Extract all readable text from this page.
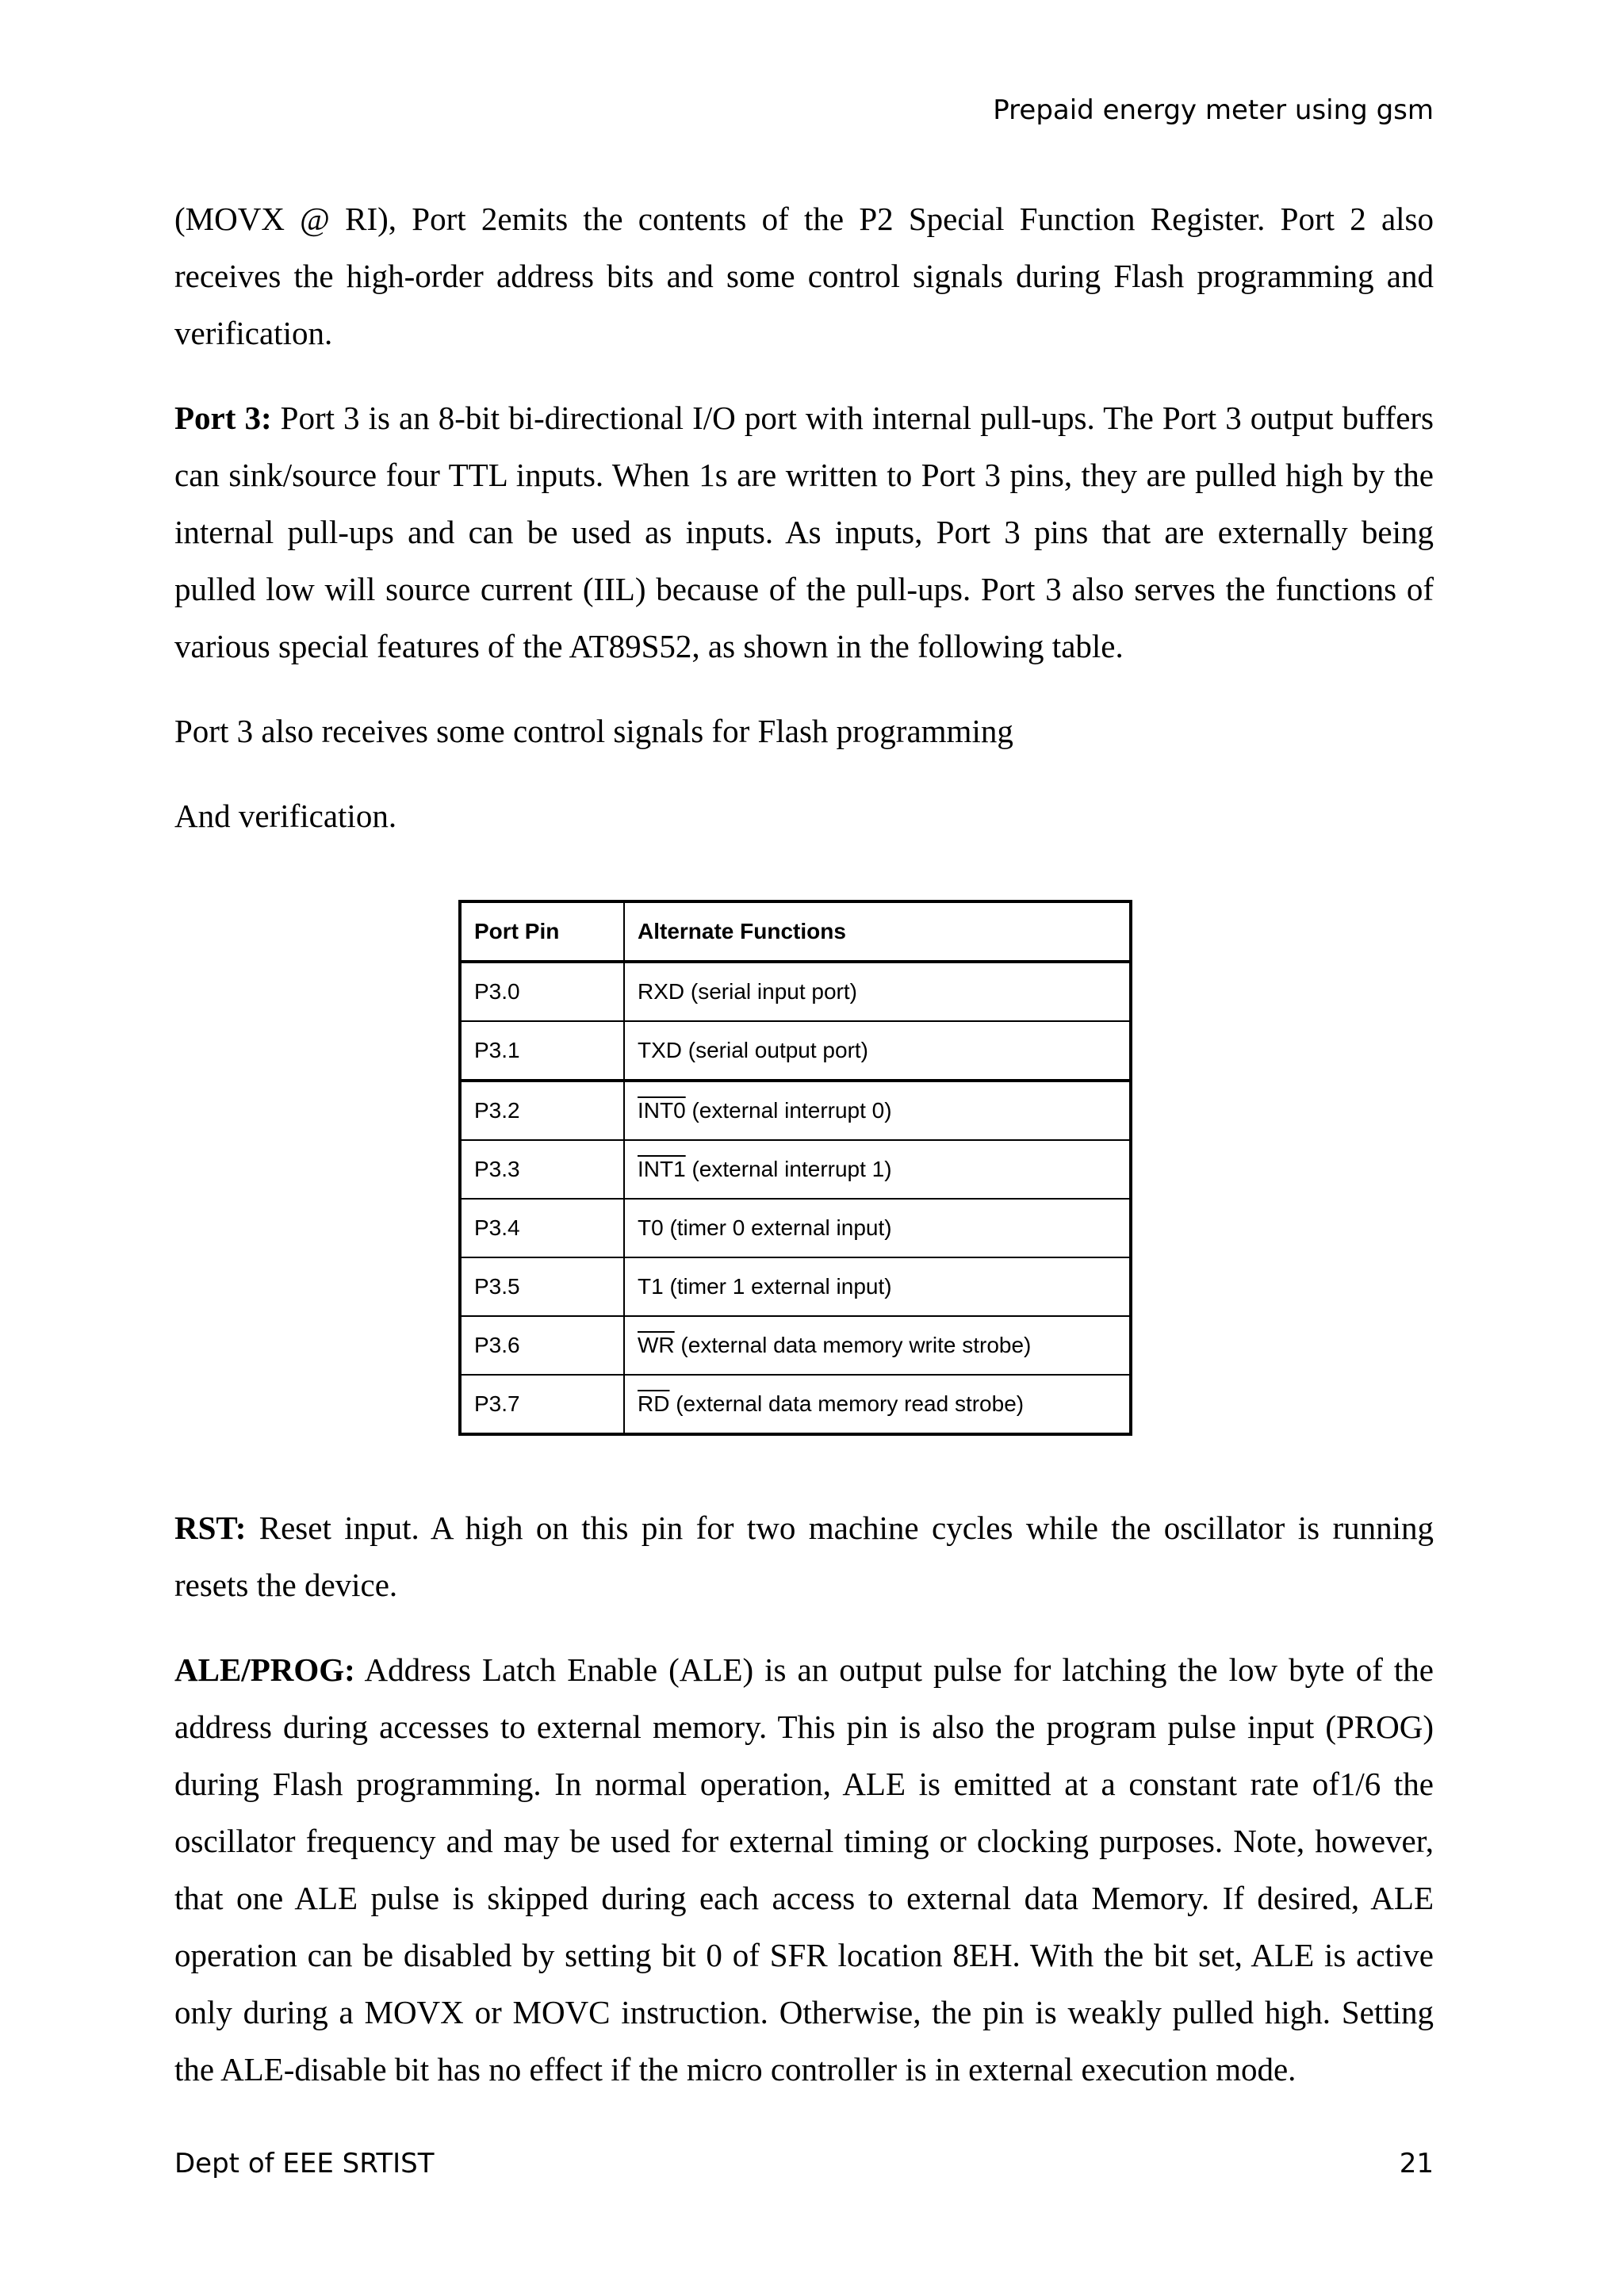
Prepaid energy meter using gsm

(MOVX @ RI), Port 2emits the contents of the P2 Special Function Register. Port 2 also receives the high-order address bits and some control signals during Flash programming and verification.

Port 3: Port 3 is an 8-bit bi-directional I/O port with internal pull-ups. The Port 3 output buffers can sink/source four TTL inputs. When 1s are written to Port 3 pins, they are pulled high by the internal pull-ups and can be used as inputs. As inputs, Port 3 pins that are externally being pulled low will source current (IIL) because of the pull-ups. Port 3 also serves the functions of various special features of the AT89S52, as shown in the following table.

Port 3 also receives some control signals for Flash programming

And verification.

Port Pin	Alternate Functions
P3.0	RXD (serial input port)
P3.1	TXD (serial output port)
P3.2	INT0 (external interrupt 0)
P3.3	INT1 (external interrupt 1)
P3.4	T0 (timer 0 external input)
P3.5	T1 (timer 1 external input)
P3.6	$\overline{WR}$ (external data memory write strobe)
P3.7	$\overline{RD}$ (external data memory read strobe)

RST: Reset input. A high on this pin for two machine cycles while the oscillator is running resets the device.

ALE/PROG: Address Latch Enable (ALE) is an output pulse for latching the low byte of the address during accesses to external memory. This pin is also the program pulse input (PROG) during Flash programming. In normal operation, ALE is emitted at a constant rate of1/6 the oscillator frequency and may be used for external timing or clocking purposes. Note, however, that one ALE pulse is skipped during each access to external data Memory. If desired, ALE operation can be disabled by setting bit 0 of SFR location 8EH. With the bit set, ALE is active only during a MOVX or MOVC instruction. Otherwise, the pin is weakly pulled high. Setting the ALE-disable bit has no effect if the micro controller is in external execution mode.

Dept of EEE SRTIST	21
